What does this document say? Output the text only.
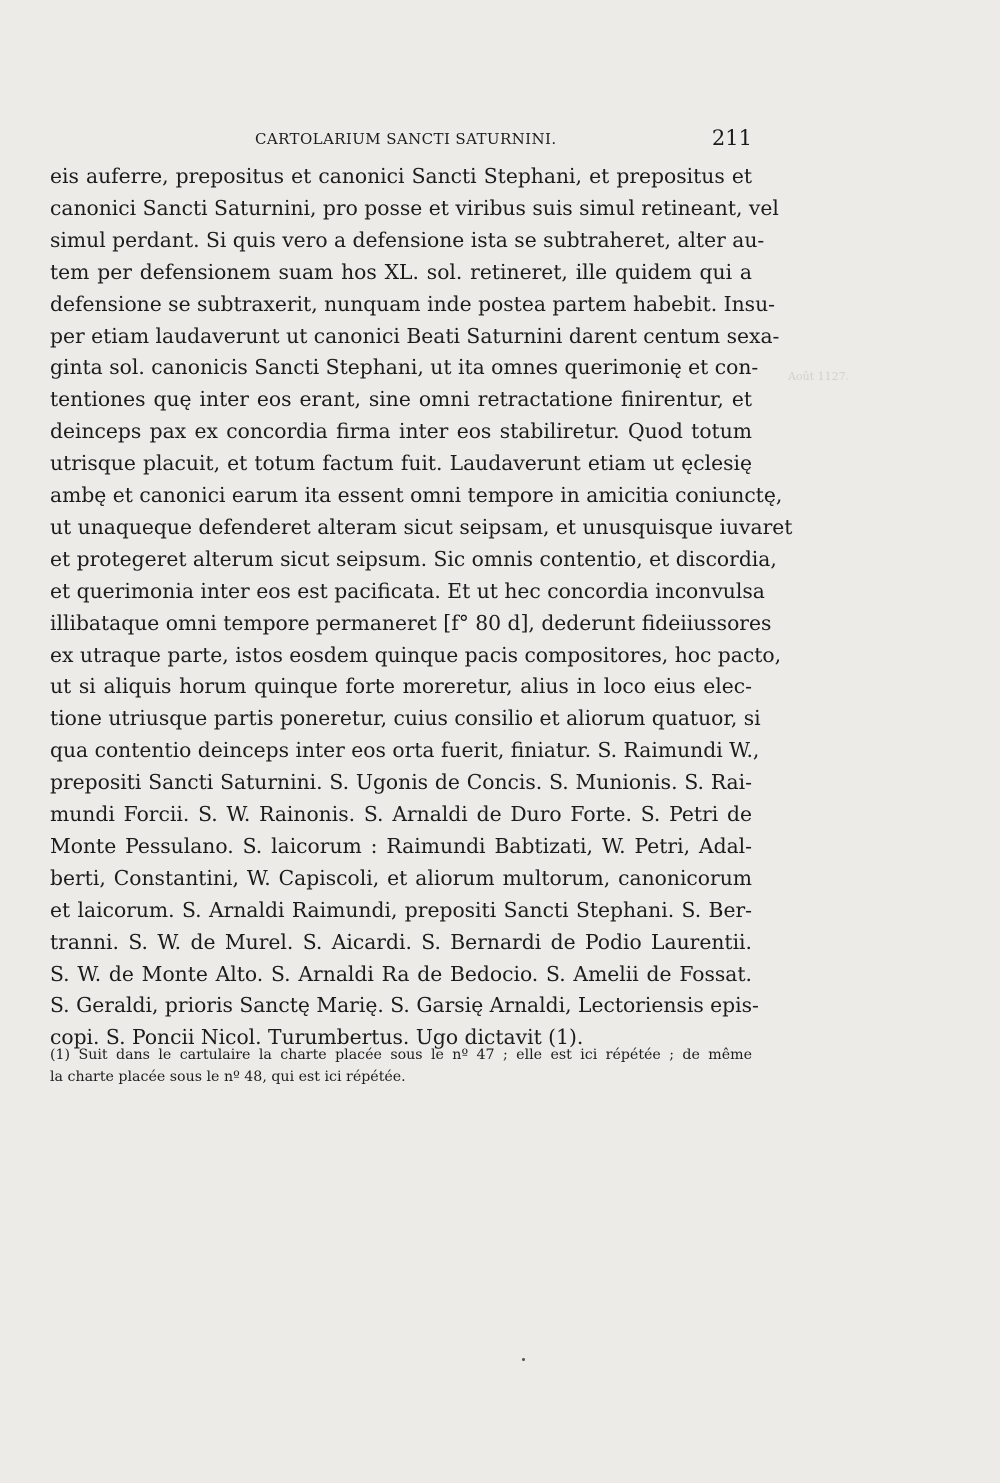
CARTOLARIUM SANCTI SATURNINI.	211
Août 1127.
eis auferre, prepositus et canonici Sancti Stephani, et prepositus et
canonici Sancti Saturnini, pro posse et viribus suis simul retineant, vel
simul perdant. Si quis vero a defensione ista se subtraheret, alter au-
tem per defensionem suam hos XL. sol. retineret, ille quidem qui a
defensione se subtraxerit, nunquam inde postea partem habebit. Insu-
per etiam laudaverunt ut canonici Beati Saturnini darent centum sexa-
ginta sol. canonicis Sancti Stephani, ut ita omnes querimonię et con-
tentiones quę inter eos erant, sine omni retractatione finirentur, et
deinceps pax ex concordia firma inter eos stabiliretur. Quod totum
utrisque placuit, et totum factum fuit. Laudaverunt etiam ut ęclesię
ambę et canonici earum ita essent omni tempore in amicitia coniunctę,
ut unaqueque defenderet alteram sicut seipsam, et unusquisque iuvaret
et protegeret alterum sicut seipsum. Sic omnis contentio, et discordia,
et querimonia inter eos est pacificata. Et ut hec concordia inconvulsa
illibataque omni tempore permaneret [f° 80 d], dederunt fideiiussores
ex utraque parte, istos eosdem quinque pacis compositores, hoc pacto,
ut si aliquis horum quinque forte moreretur, alius in loco eius elec-
tione utriusque partis poneretur, cuius consilio et aliorum quatuor, si
qua contentio deinceps inter eos orta fuerit, finiatur. S. Raimundi W.,
prepositi Sancti Saturnini. S. Ugonis de Concis. S. Munionis. S. Rai-
mundi Forcii. S. W. Rainonis. S. Arnaldi de Duro Forte. S. Petri de
Monte Pessulano. S. laicorum : Raimundi Babtizati, W. Petri, Adal-
berti, Constantini, W. Capiscoli, et aliorum multorum, canonicorum
et laicorum. S. Arnaldi Raimundi, prepositi Sancti Stephani. S. Ber-
tranni. S. W. de Murel. S. Aicardi. S. Bernardi de Podio Laurentii.
S. W. de Monte Alto. S. Arnaldi Ra de Bedocio. S. Amelii de Fossat.
S. Geraldi, prioris Sanctę Marię. S. Garsię Arnaldi, Lectoriensis epis-
copi. S. Poncii Nicol. Turumbertus. Ugo dictavit (1).
(1) Suit dans le cartulaire la charte placée sous le nº 47 ; elle est ici répétée ; de même
la charte placée sous le nº 48, qui est ici répétée.
